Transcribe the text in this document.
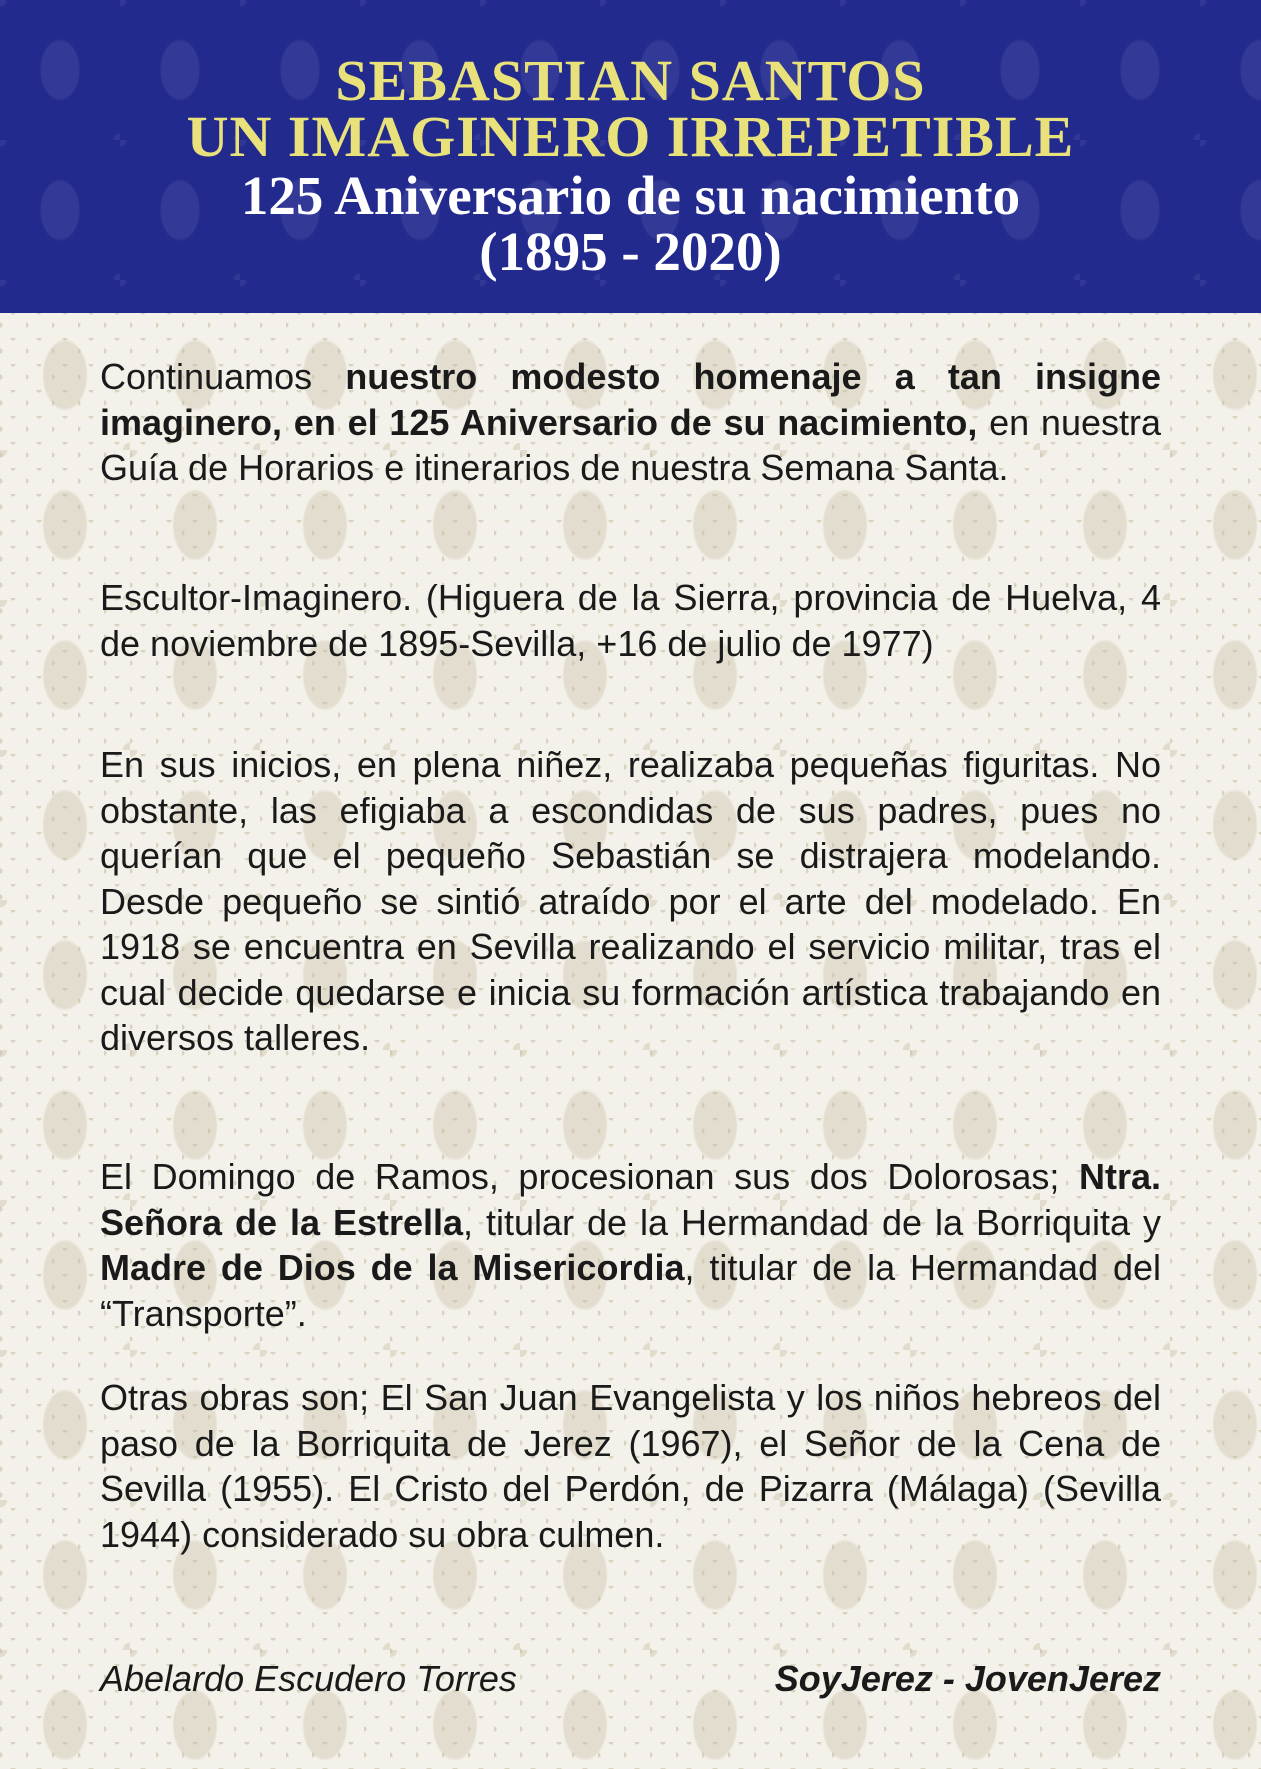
SEBASTIAN SANTOS
UN IMAGINERO IRREPETIBLE
125 Aniversario de su nacimiento
(1895 - 2020)

Continuamos nuestro modesto homenaje a tan insigne imaginero, en el 125 Aniversario de su nacimiento, en nuestra Guía de Horarios e itinerarios de nuestra Semana Santa.

Escultor-Imaginero. (Higuera de la Sierra, provincia de Huelva, 4 de noviembre de 1895-Sevilla, +16 de julio de 1977)

En sus inicios, en plena niñez, realizaba pequeñas figuritas. No obstante, las efigiaba a escondidas de sus padres, pues no querían que el pequeño Sebastián se distrajera modelando. Desde pequeño se sintió atraído por el arte del modelado. En 1918 se encuentra en Sevilla realizando el servicio militar, tras el cual decide quedarse e inicia su formación artística trabajando en diversos talleres.

El Domingo de Ramos, procesionan sus dos Dolorosas; Ntra. Señora de la Estrella, titular de la Hermandad de la Borriquita y Madre de Dios de la Misericordia, titular de la Hermandad del “Transporte”.

Otras obras son; El San Juan Evangelista y los niños hebreos del paso de la Borriquita de Jerez (1967), el Señor de la Cena de Sevilla (1955). El Cristo del Perdón, de Pizarra (Málaga) (Sevilla 1944) considerado su obra culmen.

Abelardo Escudero Torres	SoyJerez - JovenJerez
